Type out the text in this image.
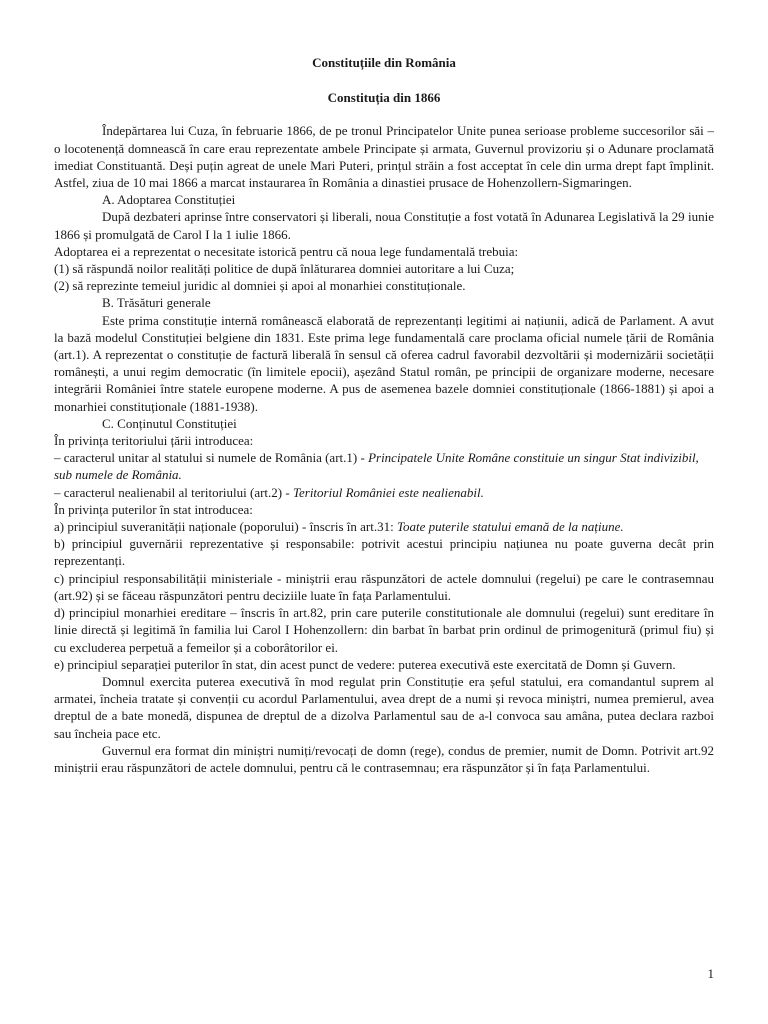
Constituțiile din România

Constituția din 1866

Îndepărtarea lui Cuza, în februarie 1866, de pe tronul Principatelor Unite punea serioase probleme succesorilor săi – o locotenență domnească în care erau reprezentate ambele Principate și armata, Guvernul provizoriu și o Adunare proclamată imediat Constituantă. Deși puțin agreat de unele Mari Puteri, prințul străin a fost acceptat în cele din urma drept fapt împlinit. Astfel, ziua de 10 mai 1866 a marcat instaurarea în România a dinastiei prusace de Hohenzollern-Sigmaringen.

A. Adoptarea Constituției

După dezbateri aprinse între conservatori și liberali, noua Constituție a fost votată în Adunarea Legislativă la 29 iunie 1866 și promulgată de Carol I la 1 iulie 1866.

Adoptarea ei a reprezentat o necesitate istorică pentru că noua lege fundamentală trebuia:

(1) să răspundă noilor realități politice de după înlăturarea domniei autoritare a lui Cuza;

(2) să reprezinte temeiul juridic al domniei și apoi al monarhiei constituționale.

B. Trăsături generale

Este prima constituție internă românească elaborată de reprezentanți legitimi ai națiunii, adică de Parlament. A avut la bază modelul Constituției belgiene din 1831. Este prima lege fundamentală care proclama oficial numele țării de România (art.1). A reprezentat o constituție de factură liberală în sensul că oferea cadrul favorabil dezvoltării și modernizării societății românești, a unui regim democratic (în limitele epocii), așezând Statul român, pe principii de organizare moderne, necesare integrării României între statele europene moderne. A pus de asemenea bazele domniei constituționale (1866-1881) și apoi a monarhiei constituționale (1881-1938).

C. Conținutul Constituției

În privința teritoriului țării introducea:

– caracterul unitar al statului si numele de România (art.1) - Principatele Unite Române constituie un singur Stat indivizibil, sub numele de România.

– caracterul nealienabil al teritoriului (art.2) - Teritoriul României este nealienabil.

În privința puterilor în stat introducea:

a) principiul suveranității naționale (poporului) - înscris în art.31: Toate puterile statului emană de la națiune.

b) principiul guvernării reprezentative și responsabile: potrivit acestui principiu națiunea nu poate guverna decât prin reprezentanți.

c) principiul responsabilității ministeriale - miniștrii erau răspunzători de actele domnului (regelui) pe care le contrasemnau (art.92) și se făceau răspunzători pentru deciziile luate în fața Parlamentului.

d) principiul monarhiei ereditare – înscris în art.82, prin care puterile constitutionale ale domnului (regelui) sunt ereditare în linie directă și legitimă în familia lui Carol I Hohenzollern: din barbat în barbat prin ordinul de primogenitură (primul fiu) și cu excluderea perpetuă a femeilor și a coborâtorilor ei.

e) principiul separației puterilor în stat, din acest punct de vedere: puterea executivă este exercitată de Domn și Guvern.

Domnul exercita puterea executivă în mod regulat prin Constituție era șeful statului, era comandantul suprem al armatei, încheia tratate și convenții cu acordul Parlamentului, avea drept de a numi și revoca miniștri, numea premierul, avea dreptul de a bate monedă, dispunea de dreptul de a dizolva Parlamentul sau de a-l convoca sau amâna, putea declara razboi sau încheia pace etc.

Guvernul era format din miniștri numiți/revocați de domn (rege), condus de premier, numit de Domn. Potrivit art.92 miniștrii erau răspunzători de actele domnului, pentru că le contrasemnau; era răspunzător și în fața Parlamentului.

1
